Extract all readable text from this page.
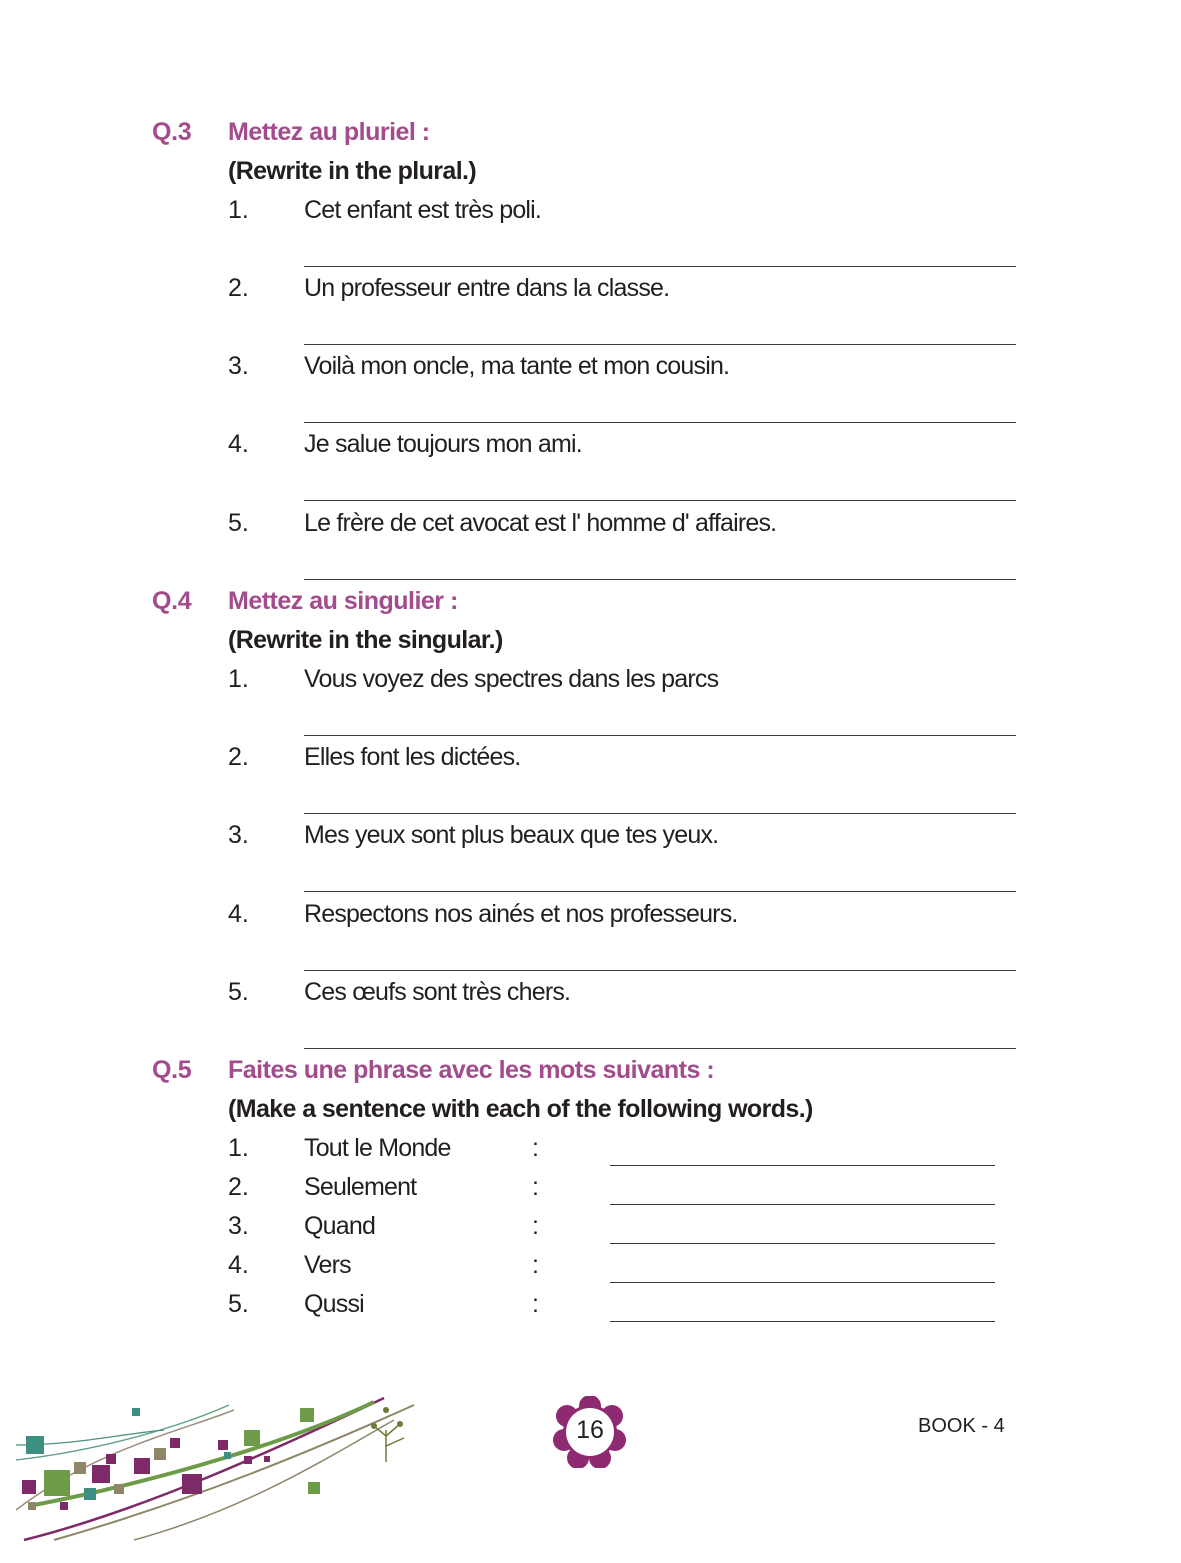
Q.3 Mettez au pluriel :
(Rewrite in the plural.)
1. Cet enfant est très poli.
2. Un professeur entre dans la classe.
3. Voilà mon oncle, ma tante et mon cousin.
4. Je salue toujours mon ami.
5. Le frère de cet avocat est l' homme d' affaires.
Q.4 Mettez au singulier :
(Rewrite in the singular.)
1. Vous voyez des spectres dans les parcs
2. Elles font les dictées.
3. Mes yeux sont plus beaux que tes yeux.
4. Respectons nos ainés et nos professeurs.
5. Ces œufs sont très chers.
Q.5 Faites une phrase avec les mots suivants :
(Make a sentence with each of the following words.)
1. Tout le Monde	:
2. Seulement	:
3. Quand	:
4. Vers	:
5. Qussi	:
16	BOOK - 4
